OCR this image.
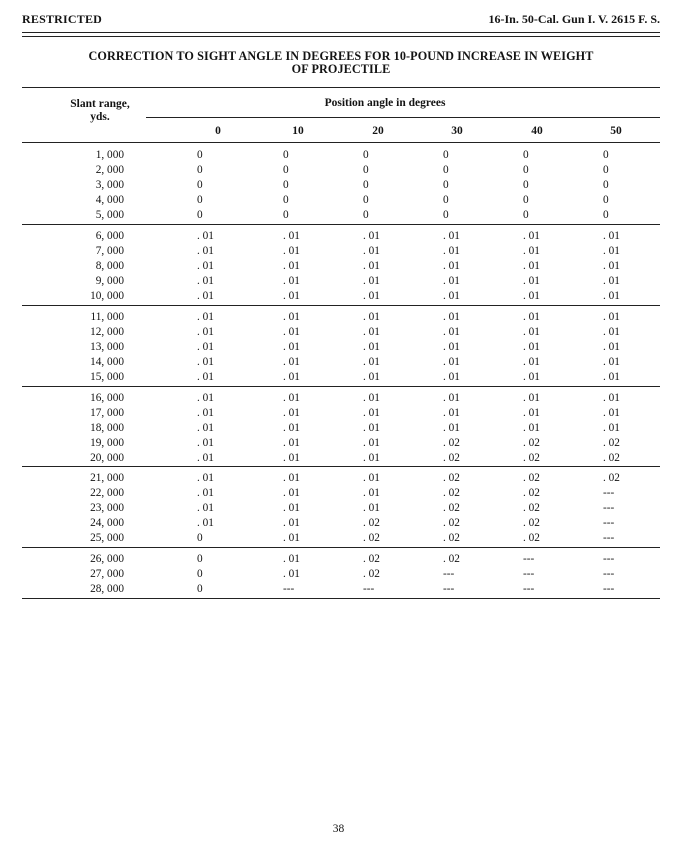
RESTRICTED	16-In. 50-Cal. Gun I. V. 2615 F. S.
CORRECTION TO SIGHT ANGLE IN DEGREES FOR 10-POUND INCREASE IN WEIGHT
OF PROJECTILE
Slant range,
yds.
Position angle in degrees
0	10	20	30	40	50
1, 000	0	0	0	0	0	0
2, 000	0	0	0	0	0	0
3, 000	0	0	0	0	0	0
4, 000	0	0	0	0	0	0
5, 000	0	0	0	0	0	0
6, 000	. 01	. 01	. 01	. 01	. 01	. 01
7, 000	. 01	. 01	. 01	. 01	. 01	. 01
8, 000	. 01	. 01	. 01	. 01	. 01	. 01
9, 000	. 01	. 01	. 01	. 01	. 01	. 01
10, 000	. 01	. 01	. 01	. 01	. 01	. 01
11, 000	. 01	. 01	. 01	. 01	. 01	. 01
12, 000	. 01	. 01	. 01	. 01	. 01	. 01
13, 000	. 01	. 01	. 01	. 01	. 01	. 01
14, 000	. 01	. 01	. 01	. 01	. 01	. 01
15, 000	. 01	. 01	. 01	. 01	. 01	. 01
16, 000	. 01	. 01	. 01	. 01	. 01	. 01
17, 000	. 01	. 01	. 01	. 01	. 01	. 01
18, 000	. 01	. 01	. 01	. 01	. 01	. 01
19, 000	. 01	. 01	. 01	. 02	. 02	. 02
20, 000	. 01	. 01	. 01	. 02	. 02	. 02
21, 000	. 01	. 01	. 01	. 02	. 02	. 02
22, 000	. 01	. 01	. 01	. 02	. 02	---
23, 000	. 01	. 01	. 01	. 02	. 02	---
24, 000	. 01	. 01	. 02	. 02	. 02	---
25, 000	0	. 01	. 02	. 02	. 02	---
26, 000	0	. 01	. 02	. 02	---	---
27, 000	0	. 01	. 02	---	---	---
28, 000	0	---	---	---	---	---
38
